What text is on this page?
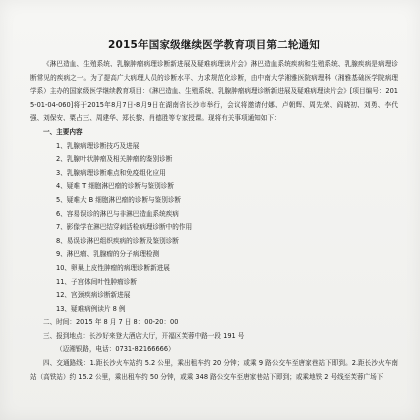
2015年国家级继续医学教育项目第二轮通知

《淋巴造血、生殖系统、乳腺肿瘤病理诊断新进展及疑难病理读片会》淋巴造血系统疾病和生殖系统、乳腺疾病是病理诊断常见的疾病之一。为了提高广大病理人员的诊断水平、力求规范化诊断，由中南大学湘雅医院病理科（湘雅基础医学院病理学系）主办的国家级医学继续教育项目：《淋巴造血、生殖系统、乳腺肿瘤病理诊断新进展及疑难病理读片会》[项目编号：2015-01-04-060]将于2015年8月7日-8月9日在湖南省长沙市举行，会议将邀请付娜、卢朝辉、周先荣、阎晓初、刘勇、李代强、刘保安、粟占三、周建华、郑长黎、肖德胜等专家授课。现将有关事项通知如下：

一、主要内容
1、乳腺病理诊断技巧及进展
2、乳腺叶状肿瘤及相关肿瘤的鉴别诊断
3、乳腺病理诊断难点和免疫组化应用
4、疑难 T 细胞淋巴瘤的诊断与鉴别诊断
5、疑难大 B 细胞淋巴瘤的诊断与鉴别诊断
6、容易误诊的淋巴与非淋巴造血系统疾病
7、影像学在淋巴结穿刺活检病理诊断中的作用
8、易误诊淋巴组织疾病的诊断及鉴别诊断
9、淋巴瘤、乳腺瘤的分子病理检测
10、卵巢上皮性肿瘤的病理诊断新进展
11、子宫体间叶性肿瘤诊断
12、宫颈疾病诊断新进展
13、疑难病例读片 8 例
二、时间：2015 年 8 月 7 日 8：00-20：00
三、报到地点：长沙好来登大酒店大厅，开福区芙蓉中路一段 191 号
（迈湘银路，电话：0731-82166666）

四、交通路线：1.距长沙火车站约 5.2 公里，乘出租车约 20 分钟；或乘 9 路公交车至唐家巷站下即到。2.距长沙火车南站（高铁站）约 15.2 公里，乘出租车约 50 分钟，或乘 348 路公交车至唐家巷站下即到；或乘地铁 2 号线至芙蓉广场下
